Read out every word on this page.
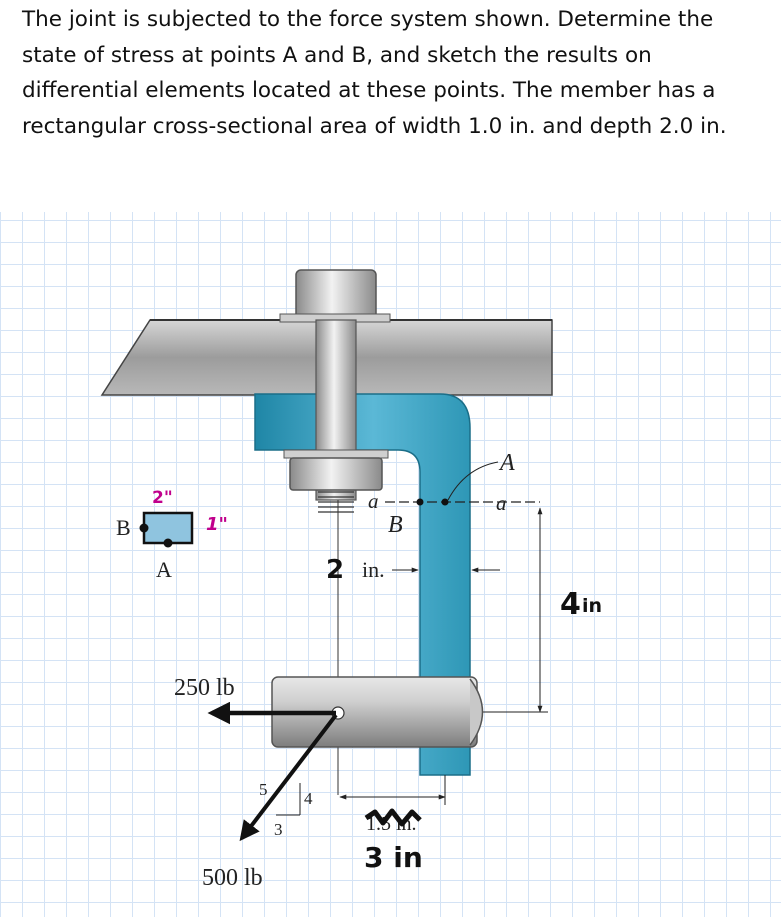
The joint is subjected to the force system shown. Determine the state of stress at points A and B, and sketch the results on differential elements located at these points. The member has a rectangular cross-sectional area of width 1.0 in. and depth 2.0 in.

a	a
A
B
in.
5 4
3
250 lb
500 lb
1.5 in.
B
A
2"
1"
2
4 in
3 in
